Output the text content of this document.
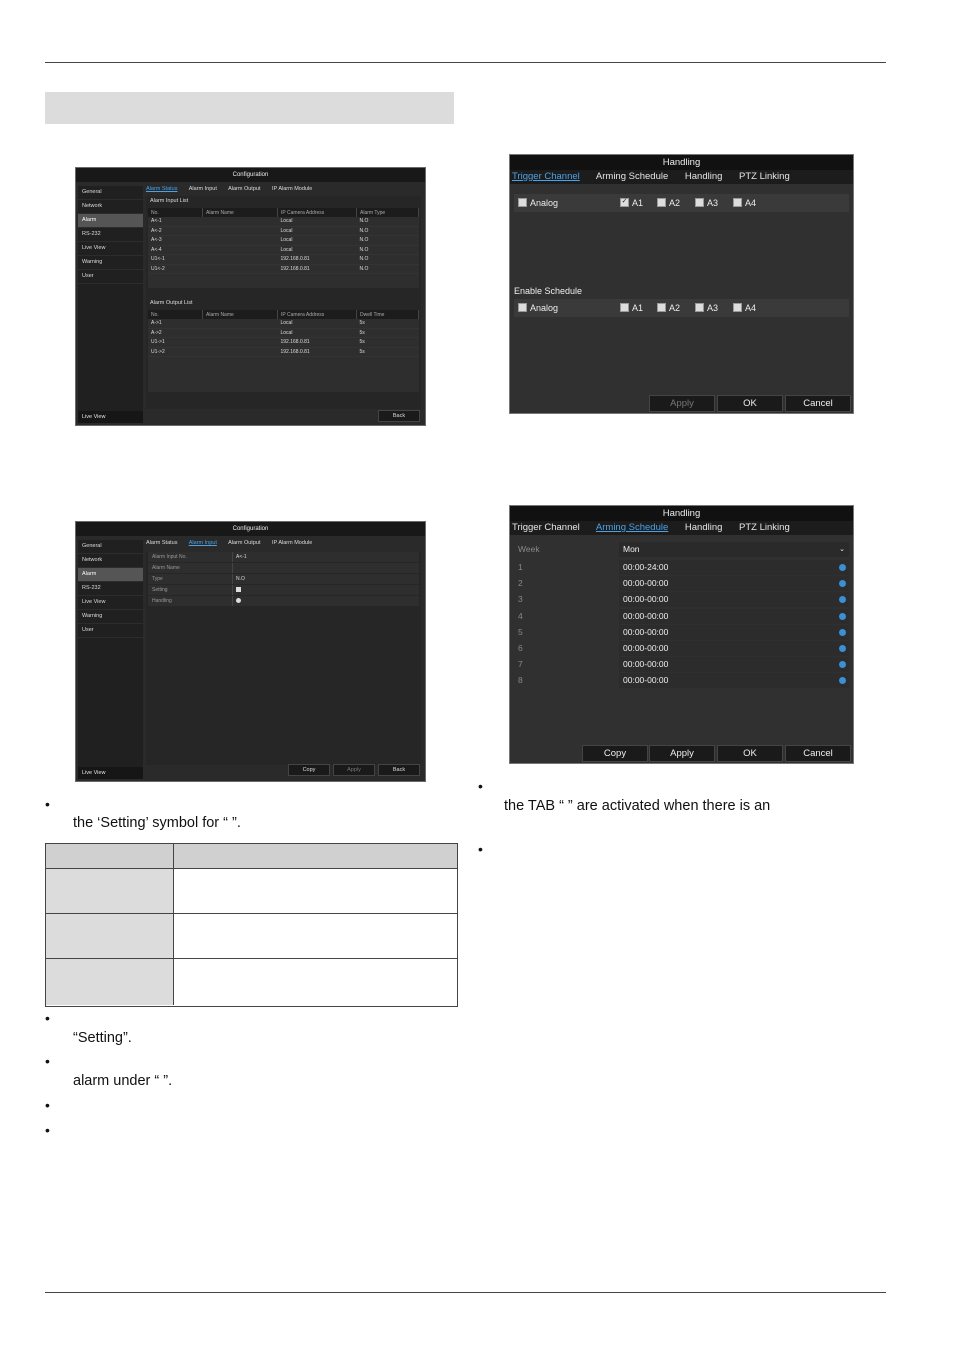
Configuration
General
Network
Alarm
RS-232
Live View
Warning
User
Live View
Alarm Status Alarm Input Alarm Output IP Alarm Module
Alarm Input List
No.	Alarm Name	IP Camera Address	Alarm Type
A<-1		Local	N.O
A<-2		Local	N.O
A<-3		Local	N.O
A<-4		Local	N.O
U1<-1		192.168.0.81	N.O
U1<-2		192.168.0.81	N.O
Alarm Output List
No.	Alarm Name	IP Camera Address	Dwell Time
A->1		Local	5s
A->2		Local	5s
U1->1		192.168.0.81	5s
U1->2		192.168.0.81	5s
Back
Configuration
General
Network
Alarm
RS-232
Live View
Warning
User
Live View
Alarm Status Alarm Input Alarm Output IP Alarm Module
Alarm Input No.	A<-1
Alarm Name
Type	N.O
Setting
Handling
Copy	Apply	Back
Handling
Trigger Channel Arming Schedule Handling PTZ Linking
Analog	✓ A1	A2	A3	A4
Enable Schedule
Analog	A1	A2	A3	A4
Apply	OK	Cancel
Handling
Trigger Channel Arming Schedule Handling PTZ Linking
Week	Mon	⌄
1	00:00-24:00
2	00:00-00:00
3	00:00-00:00
4	00:00-00:00
5	00:00-00:00
6	00:00-00:00
7	00:00-00:00
8	00:00-00:00
Copy	Apply	OK	Cancel
•
the ‘Setting’ symbol for “ ”.
•
“Setting”.
•
alarm under “ ”.
•
•
•
the TAB “ ” are activated when there is an
•
